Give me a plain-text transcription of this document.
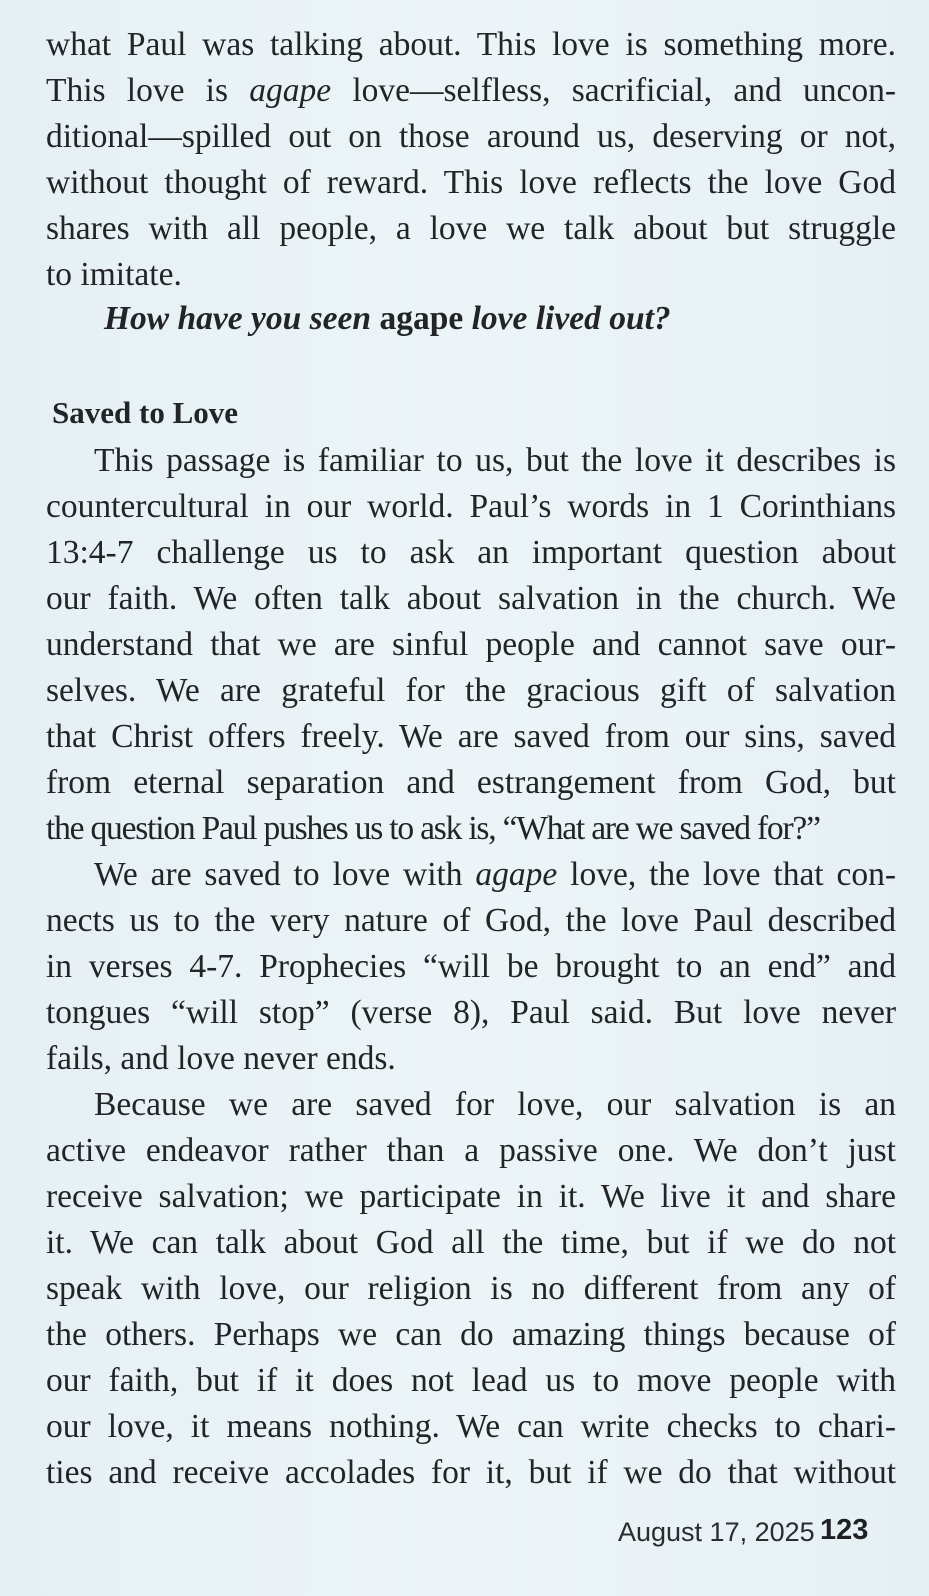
what Paul was talking about. This love is something more.
This love is agape love—selfless, sacrificial, and uncon-
ditional—spilled out on those around us, deserving or not,
without thought of reward. This love reflects the love God
shares with all people, a love we talk about but struggle
to imitate.
How have you seen agape love lived out?
Saved to Love
This passage is familiar to us, but the love it describes is
countercultural in our world. Paul’s words in 1 Corinthians
13:4-7 challenge us to ask an important question about
our faith. We often talk about salvation in the church. We
understand that we are sinful people and cannot save our-
selves. We are grateful for the gracious gift of salvation
that Christ offers freely. We are saved from our sins, saved
from eternal separation and estrangement from God, but
the question Paul pushes us to ask is, “What are we saved for?”
We are saved to love with agape love, the love that con-
nects us to the very nature of God, the love Paul described
in verses 4-7. Prophecies “will be brought to an end” and
tongues “will stop” (verse 8), Paul said. But love never
fails, and love never ends.
Because we are saved for love, our salvation is an
active endeavor rather than a passive one. We don’t just
receive salvation; we participate in it. We live it and share
it. We can talk about God all the time, but if we do not
speak with love, our religion is no different from any of
the others. Perhaps we can do amazing things because of
our faith, but if it does not lead us to move people with
our love, it means nothing. We can write checks to chari-
ties and receive accolades for it, but if we do that without
August 17, 2025 123
